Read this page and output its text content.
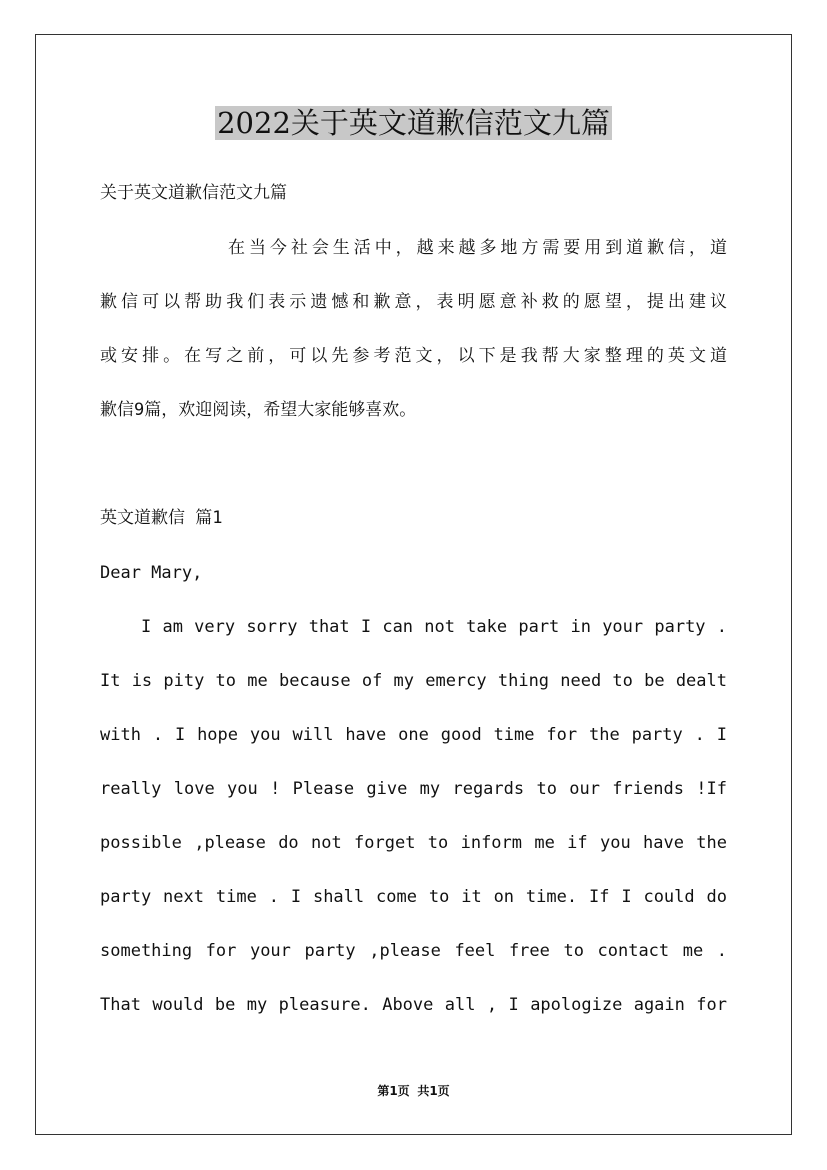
2022关于英文道歉信范文九篇
关于英文道歉信范文九篇
在当今社会生活中，越来越多地方需要用到道歉信，道
歉信可以帮助我们表示遗憾和歉意，表明愿意补救的愿望，提出建议
或安排。在写之前，可以先参考范文，以下是我帮大家整理的英文道
歉信9篇，欢迎阅读，希望大家能够喜欢。
英文道歉信 篇1
Dear Mary,
I am very sorry that I can not take part in your party .
It is pity to me because of my emercy thing need to be dealt
with . I hope you will have one good time for the party . I
really love you ! Please give my regards to our friends !If
possible ,please do not forget to inform me if you have the
party next time . I shall come to it on time. If I could do
something for your party ,please feel free to contact me .
That would be my pleasure. Above all , I apologize again for
第1页 共1页
